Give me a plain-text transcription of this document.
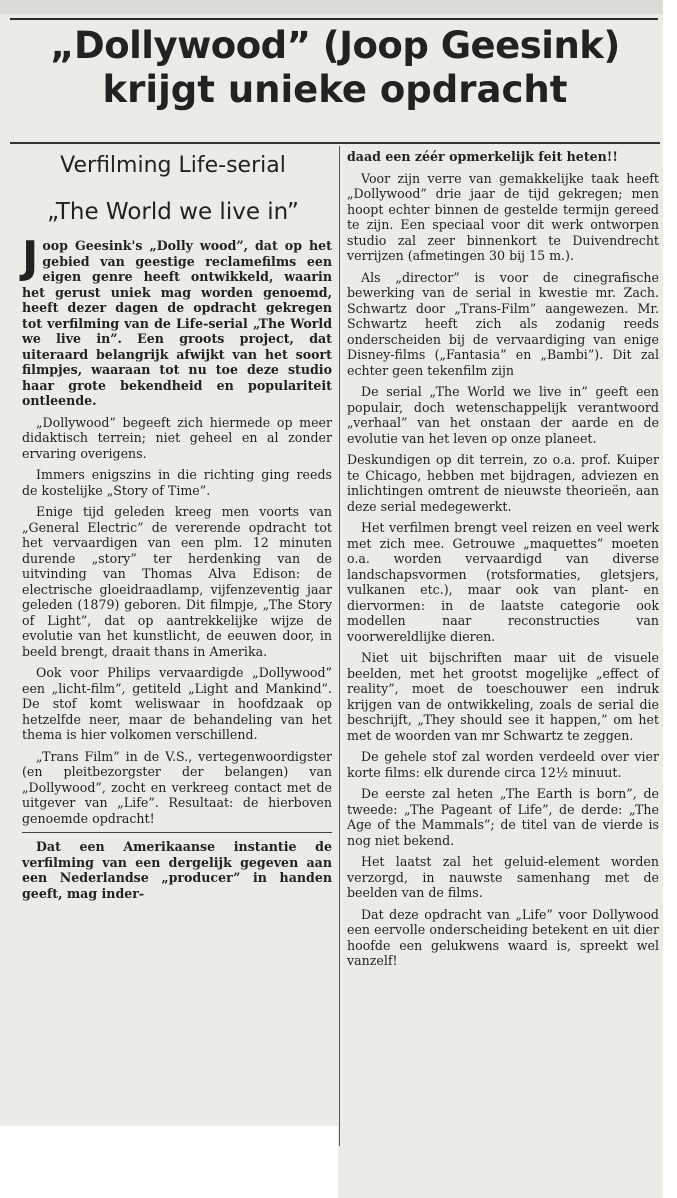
„Dollywood” (Joop Geesink)
krijgt unieke opdracht
Verfilming Life-serial
„The World we live in”

Joop Geesink's „Dolly wood”, dat op het gebied van geestige reclamefilms een eigen genre heeft ontwikkeld, waarin het gerust uniek mag worden genoemd, heeft dezer dagen de opdracht gekregen tot verfilming van de Life-serial „The World we live in”. Een groots project, dat uiteraard belangrijk afwijkt van het soort filmpjes, waaraan tot nu toe deze studio haar grote bekendheid en populariteit ontleende.

„Dollywood” begeeft zich hiermede op meer didaktisch terrein; niet geheel en al zonder ervaring overigens.

Immers enigszins in die richting ging reeds de kostelijke „Story of Time”.

Enige tijd geleden kreeg men voorts van „General Electric” de vererende opdracht tot het vervaardigen van een plm. 12 minuten durende „story” ter herdenking van de uitvinding van Thomas Alva Edison: de electrische gloeidraadlamp, vijfenzeventig jaar geleden (1879) geboren. Dit filmpje, „The Story of Light”, dat op aantrekkelijke wijze de evolutie van het kunstlicht, de eeuwen door, in beeld brengt, draait thans in Amerika.

Ook voor Philips vervaardigde „Dollywood” een „licht-film”, getiteld „Light and Mankind”. De stof komt weliswaar in hoofdzaak op hetzelfde neer, maar de behandeling van het thema is hier volkomen verschillend.

„Trans Film” in de V.S., vertegenwoordigster (en pleitbezorgster der belangen) van „Dollywood”, zocht en verkreeg contact met de uitgever van „Life”. Resultaat: de hierboven genoemde opdracht!

Dat een Amerikaanse instantie de verfilming van een dergelijk gegeven aan een Nederlandse „producer” in handen geeft, mag inder-

daad een zéér opmerkelijk feit heten!!

Voor zijn verre van gemakkelijke taak heeft „Dollywood” drie jaar de tijd gekregen; men hoopt echter binnen de gestelde termijn gereed te zijn. Een speciaal voor dit werk ontworpen studio zal zeer binnenkort te Duivendrecht verrijzen (afmetingen 30 bij 15 m.).

Als „director” is voor de cinegrafische bewerking van de serial in kwestie mr. Zach. Schwartz door „Trans-Film” aangewezen. Mr. Schwartz heeft zich als zodanig reeds onderscheiden bij de vervaardiging van enige Disney-films („Fantasia” en „Bambi”). Dit zal echter geen tekenfilm zijn

De serial „The World we live in” geeft een populair, doch wetenschappelijk verantwoord „verhaal” van het onstaan der aarde en de evolutie van het leven op onze planeet.

Deskundigen op dit terrein, zo o.a. prof. Kuiper te Chicago, hebben met bijdragen, adviezen en inlichtingen omtrent de nieuwste theorieën, aan deze serial medegewerkt.

Het verfilmen brengt veel reizen en veel werk met zich mee. Getrouwe „maquettes” moeten o.a. worden vervaardigd van diverse landschapsvormen (rotsformaties, gletsjers, vulkanen etc.), maar ook van plant- en diervormen: in de laatste categorie ook modellen naar reconstructies van voorwereldlijke dieren.

Niet uit bijschriften maar uit de visuele beelden, met het grootst mogelijke „effect of reality”, moet de toeschouwer een indruk krijgen van de ontwikkeling, zoals de serial die beschrijft, „They should see it happen,” om het met de woorden van mr Schwartz te zeggen.

De gehele stof zal worden verdeeld over vier korte films: elk durende circa 12½ minuut.

De eerste zal heten „The Earth is born”, de tweede: „The Pageant of Life”, de derde: „The Age of the Mammals”; de titel van de vierde is nog niet bekend.

Het laatst zal het geluid-element worden verzorgd, in nauwste samenhang met de beelden van de films.

Dat deze opdracht van „Life” voor Dollywood een eervolle onderscheiding betekent en uit dier hoofde een gelukwens waard is, spreekt wel vanzelf!
